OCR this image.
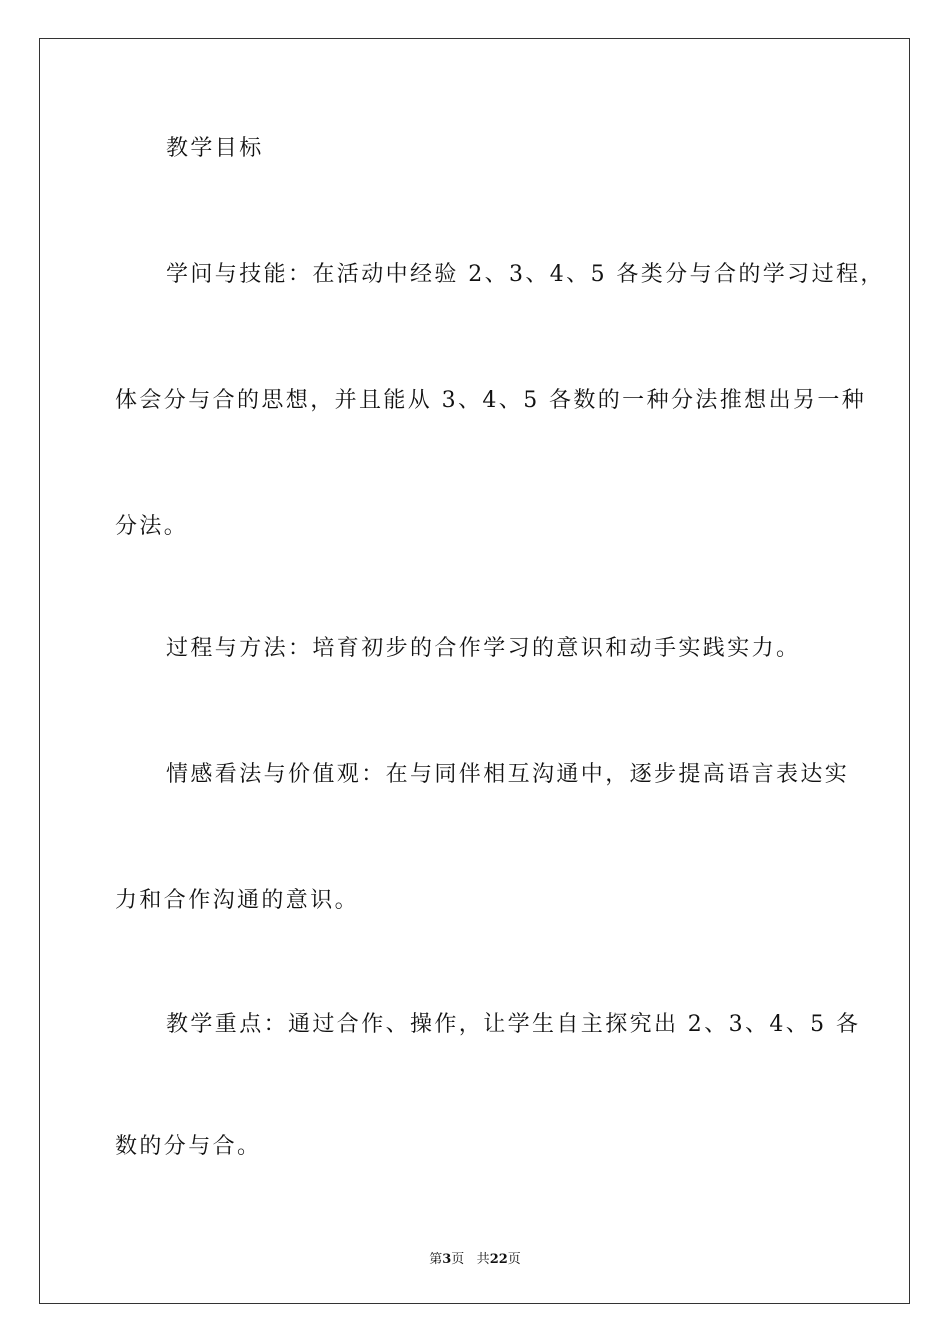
教学目标
学问与技能：在活动中经验 2、3、4、5 各类分与合的学习过程，
体会分与合的思想，并且能从 3、4、5 各数的一种分法推想出另一种
分法。
过程与方法：培育初步的合作学习的意识和动手实践实力。
情感看法与价值观：在与同伴相互沟通中，逐步提高语言表达实
力和合作沟通的意识。
教学重点：通过合作、操作，让学生自主探究出 2、3、4、5 各
数的分与合。
第3页 共22页
